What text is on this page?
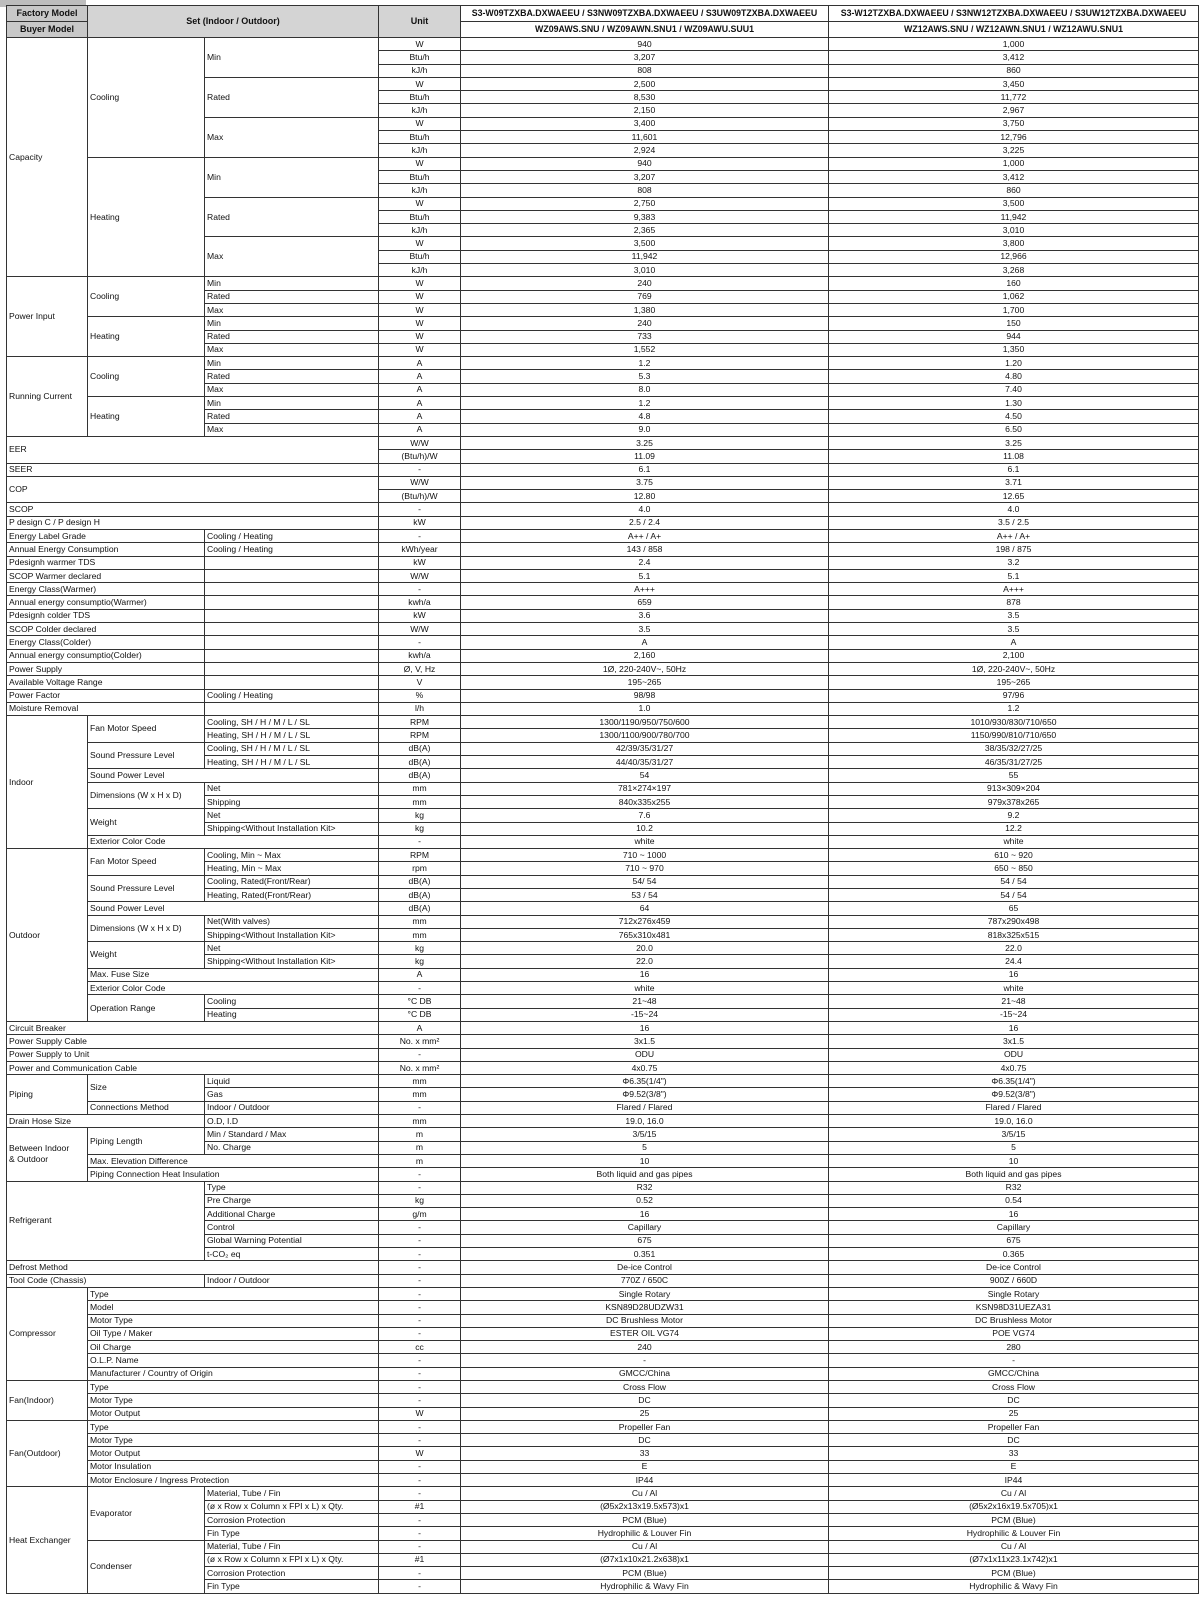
Factory Model	Set (Indoor / Outdoor)		Unit	S3-W09TZXBA.DXWAEEU / S3NW09TZXBA.DXWAEEU / S3UW09TZXBA.DXWAEEU	S3-W12TZXBA.DXWAEEU / S3NW12TZXBA.DXWAEEU / S3UW12TZXBA.DXWAEEU
Buyer Model				WZ09AWS.SNU / WZ09AWN.SNU1 / WZ09AWU.SUU1	WZ12AWS.SNU / WZ12AWN.SNU1 / WZ12AWU.SNU1
Capacity	Cooling	Min	W	940	1,000
			Btu/h	3,207	3,412
			kJ/h	808	860
		Rated	W	2,500	3,450
			Btu/h	8,530	11,772
			kJ/h	2,150	2,967
		Max	W	3,400	3,750
			Btu/h	11,601	12,796
			kJ/h	2,924	3,225
	Heating	Min	W	940	1,000
			Btu/h	3,207	3,412
			kJ/h	808	860
		Rated	W	2,750	3,500
			Btu/h	9,383	11,942
			kJ/h	2,365	3,010
		Max	W	3,500	3,800
			Btu/h	11,942	12,966
			kJ/h	3,010	3,268
Power Input	Cooling	Min	W	240	160
		Rated	W	769	1,062
		Max	W	1,380	1,700
	Heating	Min	W	240	150
		Rated	W	733	944
		Max	W	1,552	1,350
Running Current	Cooling	Min	A	1.2	1.20
		Rated	A	5.3	4.80
		Max	A	8.0	7.40
	Heating	Min	A	1.2	1.30
		Rated	A	4.8	4.50
		Max	A	9.0	6.50
EER			W/W	3.25	3.25
			(Btu/h)/W	11.09	11.08
SEER			-	6.1	6.1
COP			W/W	3.75	3.71
			(Btu/h)/W	12.80	12.65
SCOP			-	4.0	4.0
P design C / P design H			kW	2.5 / 2.4	3.5 / 2.5
Energy Label Grade		Cooling / Heating	-	A++ / A+	A++ / A+
Annual Energy Consumption		Cooling / Heating	kWh/year	143 / 858	198 / 875
Pdesignh warmer TDS			kW	2.4	3.2
SCOP Warmer declared			W/W	5.1	5.1
Energy Class(Warmer)			-	A+++	A+++
Annual energy consumptio(Warmer)			kwh/a	659	878
Pdesignh colder TDS			kW	3.6	3.5
SCOP Colder declared			W/W	3.5	3.5
Energy Class(Colder)			-	A	A
Annual energy consumptio(Colder)			kwh/a	2,160	2,100
Power Supply			Ø, V, Hz	1Ø, 220-240V~, 50Hz	1Ø, 220-240V~, 50Hz
Available Voltage Range			V	195~265	195~265
Power Factor		Cooling / Heating	%	98/98	97/96
Moisture Removal			l/h	1.0	1.2
Indoor	Fan Motor Speed	Cooling, SH / H / M / L / SL	RPM	1300/1190/950/750/600	1010/930/830/710/650
		Heating, SH / H / M / L / SL	RPM	1300/1100/900/780/700	1150/990/810/710/650
	Sound Pressure Level	Cooling, SH / H / M / L / SL	dB(A)	42/39/35/31/27	38/35/32/27/25
		Heating, SH / H / M / L / SL	dB(A)	44/40/35/31/27	46/35/31/27/25
	Sound Power Level		dB(A)	54	55
	Dimensions (W x H x D)	Net	mm	781×274×197	913×309×204
		Shipping	mm	840x335x255	979x378x265
	Weight	Net	kg	7.6	9.2
		Shipping<Without Installation Kit>	kg	10.2	12.2
	Exterior Color Code		-	white	white
Outdoor	Fan Motor Speed	Cooling, Min ~ Max	RPM	710 ~ 1000	610 ~ 920
		Heating, Min ~ Max	rpm	710 ~ 970	650 ~ 850
	Sound Pressure Level	Cooling, Rated(Front/Rear)	dB(A)	54/ 54	54 / 54
		Heating, Rated(Front/Rear)	dB(A)	53 / 54	54 / 54
	Sound Power Level		dB(A)	64	65
	Dimensions (W x H x D)	Net(With valves)	mm	712x276x459	787x290x498
		Shipping<Without Installation Kit>	mm	765x310x481	818x325x515
	Weight	Net	kg	20.0	22.0
		Shipping<Without Installation Kit>	kg	22.0	24.4
	Max. Fuse Size		A	16	16
	Exterior Color Code		-	white	white
	Operation Range	Cooling	°C DB	21~48	21~48
		Heating	°C DB	-15~24	-15~24
Circuit Breaker			A	16	16
Power Supply Cable			No. x mm²	3x1.5	3x1.5
Power Supply to Unit			-	ODU	ODU
Power and Communication Cable			No. x mm²	4x0.75	4x0.75
Piping	Size	Liquid	mm	Φ6.35(1/4")	Φ6.35(1/4")
		Gas	mm	Φ9.52(3/8")	Φ9.52(3/8")
	Connections Method	Indoor / Outdoor	-	Flared / Flared	Flared / Flared
Drain Hose Size		O.D, I.D	mm	19.0, 16.0	19.0, 16.0
Between Indoor
& Outdoor	Piping Length	Min / Standard / Max	m	3/5/15	3/5/15
		No. Charge	m	5	5
	Max. Elevation Difference		m	10	10
	Piping Connection Heat Insulation		-	Both liquid and gas pipes	Both liquid and gas pipes
Refrigerant		Type	-	R32	R32
		Pre Charge	kg	0.52	0.54
		Additional Charge	g/m	16	16
		Control	-	Capillary	Capillary
		Global Warning Potential	-	675	675
		t-CO₂ eq	-	0.351	0.365
Defrost Method			-	De-ice Control	De-ice Control
Tool Code (Chassis)		Indoor / Outdoor	-	770Z / 650C	900Z / 660D
Compressor	Type		-	Single Rotary	Single Rotary
	Model		-	KSN89D28UDZW31	KSN98D31UEZA31
	Motor Type		-	DC Brushless Motor	DC Brushless Motor
	Oil Type / Maker		-	ESTER OIL VG74	POE VG74
	Oil Charge		cc	240	280
	O.L.P. Name		-	-	-
	Manufacturer / Country of Origin		-	GMCC/China	GMCC/China
Fan(Indoor)	Type		-	Cross Flow	Cross Flow
	Motor Type		-	DC	DC
	Motor Output		W	25	25
Fan(Outdoor)	Type		-	Propeller Fan	Propeller Fan
	Motor Type		-	DC	DC
	Motor Output		W	33	33
	Motor Insulation		-	E	E
	Motor Enclosure / Ingress Protection		-	IP44	IP44
Heat Exchanger	Evaporator	Material, Tube / Fin	-	Cu / Al	Cu / Al
		(ø x Row x Column x FPI x L) x Qty.	#1	(Ø5x2x13x19.5x573)x1	(Ø5x2x16x19.5x705)x1
		Corrosion Protection	-	PCM (Blue)	PCM (Blue)
		Fin Type	-	Hydrophilic & Louver Fin	Hydrophilic & Louver Fin
	Condenser	Material, Tube / Fin	-	Cu / Al	Cu / Al
		(ø x Row x Column x FPI x L) x Qty.	#1	(Ø7x1x10x21.2x638)x1	(Ø7x1x11x23.1x742)x1
		Corrosion Protection	-	PCM (Blue)	PCM (Blue)
		Fin Type	-	Hydrophilic & Wavy Fin	Hydrophilic & Wavy Fin
